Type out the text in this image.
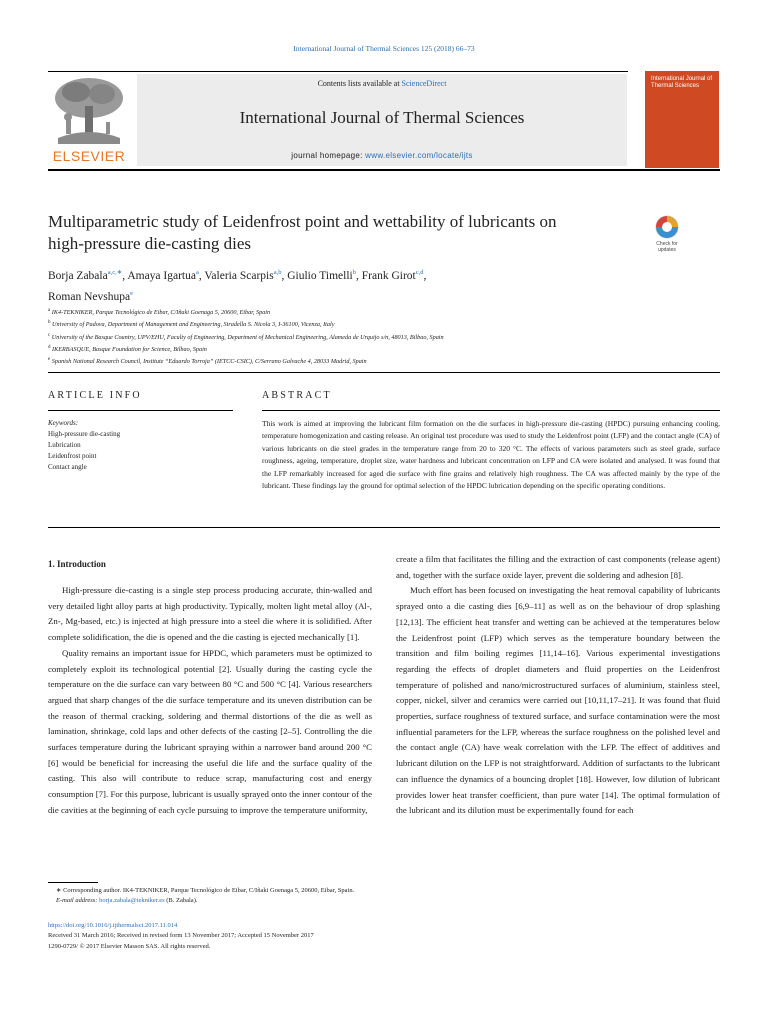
International Journal of Thermal Sciences 125 (2018) 66–73
ELSEVIER
Contents lists available at ScienceDirect
International Journal of Thermal Sciences
journal homepage: www.elsevier.com/locate/ijts
International Journal of Thermal Sciences
Multiparametric study of Leidenfrost point and wettability of lubricants on
high-pressure die-casting dies	Check for
updates
Borja Zabala$^{a,c,∗}$, Amaya Igartua$^a$, Valeria Scarpis$^{a,b}$, Giulio Timelli$^b$, Frank Girot$^{c,d}$,
Roman Nevshupa$^e$
$^a$ IK4-TEKNIKER, Parque Tecnológico de Eibar, C/Iñaki Goenaga 5, 20600, Eibar, Spain
$^b$ University of Padova, Department of Management and Engineering, Stradella S. Nicola 3, I-36100, Vicenza, Italy
$^c$ University of the Basque Country, UPV/EHU, Faculty of Engineering, Department of Mechanical Engineering, Alameda de Urquijo s/n, 48013, Bilbao, Spain
$^d$ IKERBASQUE, Basque Foundation for Science, Bilbao, Spain
$^e$ Spanish National Research Council, Institute “Eduardo Torroja” (IETCC-CSIC), C/Serrano Galvache 4, 28033 Madrid, Spain
ARTICLE INFO	ABSTRACT
Keywords:
High-pressure die-casting
Lubrication
Leidenfrost point
Contact angle
This work is aimed at improving the lubricant film formation on the die surfaces in high-pressure die-casting (HPDC) pursuing enhancing cooling, temperature homogenization and casting release. An original test procedure was used to study the Leidenfrost point (LFP) and the contact angle (CA) of various lubricants on die steel grades in the temperature range from 20 to 320 °C. The effects of various parameters such as steel grade, surface roughness, ageing, temperature, droplet size, water hardness and lubricant concentration on LFP and CA were isolated and analysed. It was found that the LFP remarkably increased for aged die surface with fine grains and relatively high roughness. The CA was affected mainly by the type of the lubricant. These findings lay the ground for optimal selection of the HPDC lubrication depending on the specific operating conditions.
1. Introduction

High-pressure die-casting is a single step process producing accurate, thin-walled and very detailed light alloy parts at high productivity. Typically, molten light metal alloy (Al-, Zn-, Mg-based, etc.) is injected at high pressure into a steel die where it is solidified. After complete solidification, the die is opened and the die casting is ejected mechanically [1].

Quality remains an important issue for HPDC, which parameters must be optimized to completely exploit its technological potential [2]. Usually during the casting cycle the temperature on the die surface can vary between 80 °C and 500 °C [4]. Various researchers argued that sharp changes of the die surface temperature and its uneven distribution can be the reason of thermal cracking, soldering and thermal distortions of the die as well as lamination, shrinkage, cold laps and other defects of the casting [2–5]. Controlling the die surfaces temperature during the lubricant spraying within a narrower band around 200 °C [6] would be beneficial for increasing the useful die life and the surface quality of the casting. This also will contribute to reduce scrap, manufacturing cost and energy consumption [7]. For this purpose, lubricant is usually sprayed onto the inner contour of the die cavities at the beginning of each cycle pursuing to improve the temperature uniformity,

create a film that facilitates the filling and the extraction of cast components (release agent) and, together with the surface oxide layer, prevent die soldering and adhesion [8].

Much effort has been focused on investigating the heat removal capability of lubricants sprayed onto a die casting dies [6,9–11] as well as on the behaviour of drop splashing [12,13]. The efficient heat transfer and wetting can be achieved at the temperatures below the Leidenfrost point (LFP) which serves as the temperature boundary between the transition and film boiling regimes [11,14–16]. Various experimental investigations regarding the effects of droplet diameters and fluid properties on the Leidenfrost temperature of polished and nano/microstructured surfaces of aluminium, stainless steel, copper, nickel, silver and ceramics were carried out [10,11,17–21]. It was found that fluid properties, surface roughness of textured surface, and surface contamination were the most influential parameters for the LFP, whereas the surface roughness on the polished level and the contact angle (CA) have weak correlation with the LFP. The effect of additives and lubricant dilution on the LFP is not straightforward. Addition of surfactants to the lubricant can influence the dynamics of a bouncing droplet [18]. However, low dilution of lubricant provides lower heat transfer coefficient, than pure water [14]. The optimal formulation of the lubricant and its dilution must be experimentally found for each

∗ Corresponding author. IK4-TEKNIKER, Parque Tecnológico de Eibar, C/Iñaki Goenaga 5, 20600, Eibar, Spain.
E-mail address: borja.zabala@tekniker.es (B. Zabala).
https://doi.org/10.1016/j.ijthermalsci.2017.11.014
Received 31 March 2016; Received in revised form 13 November 2017; Accepted 15 November 2017
1290-0729/ © 2017 Elsevier Masson SAS. All rights reserved.
